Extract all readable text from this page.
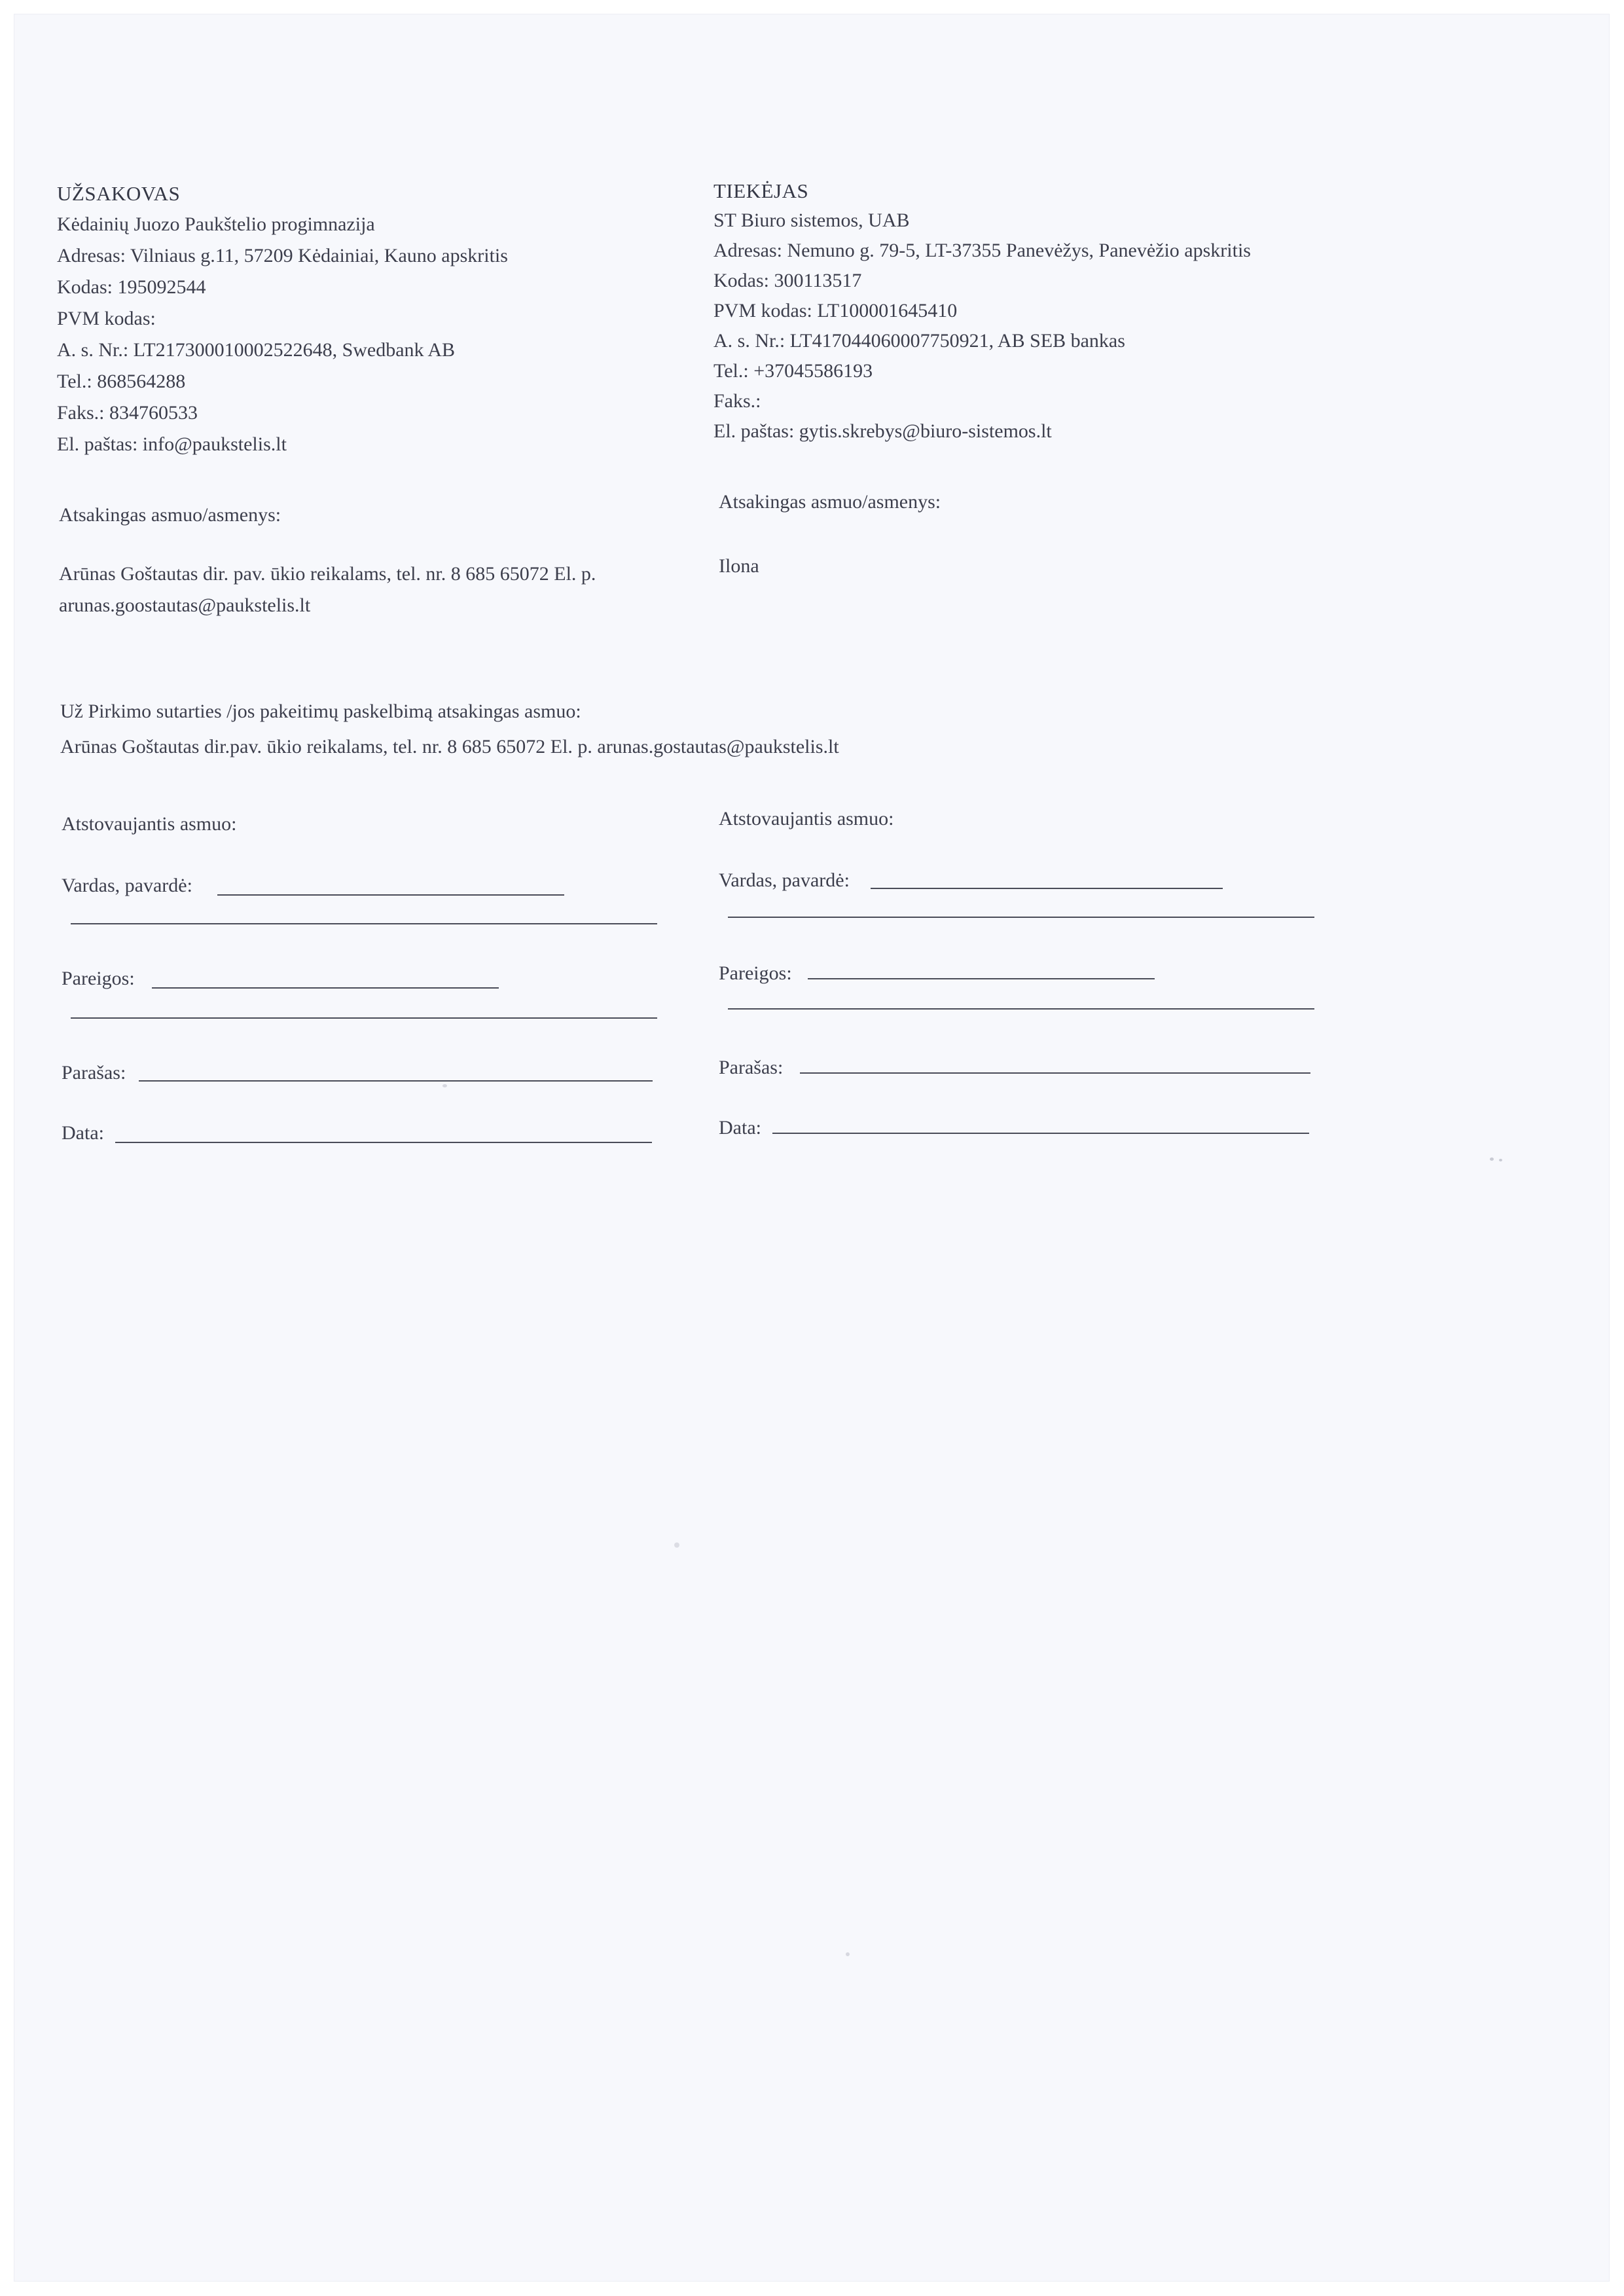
UŽSAKOVAS
Kėdainių Juozo Paukštelio progimnazija
Adresas: Vilniaus g.11, 57209 Kėdainiai, Kauno apskritis
Kodas: 195092544
PVM kodas:
A. s. Nr.: LT217300010002522648, Swedbank AB
Tel.: 868564288
Faks.: 834760533
El. paštas: info@paukstelis.lt
Atsakingas asmuo/asmenys:
Arūnas Goštautas dir. pav. ūkio reikalams, tel. nr. 8 685 65072 El. p.
arunas.goostautas@paukstelis.lt
TIEKĖJAS
ST Biuro sistemos, UAB
Adresas: Nemuno g. 79-5, LT-37355 Panevėžys, Panevėžio apskritis
Kodas: 300113517
PVM kodas: LT100001645410
A. s. Nr.: LT417044060007750921, AB SEB bankas
Tel.: +37045586193
Faks.:
El. paštas: gytis.skrebys@biuro-sistemos.lt
Atsakingas asmuo/asmenys:
Ilona
Už Pirkimo sutarties /jos pakeitimų paskelbimą atsakingas asmuo:
Arūnas Goštautas dir.pav. ūkio reikalams, tel. nr. 8 685 65072 El. p. arunas.gostautas@paukstelis.lt
Atstovaujantis asmuo:
Vardas, pavardė:
Pareigos:
Parašas:
Data:
Atstovaujantis asmuo:
Vardas, pavardė:
Pareigos:
Parašas:
Data:
